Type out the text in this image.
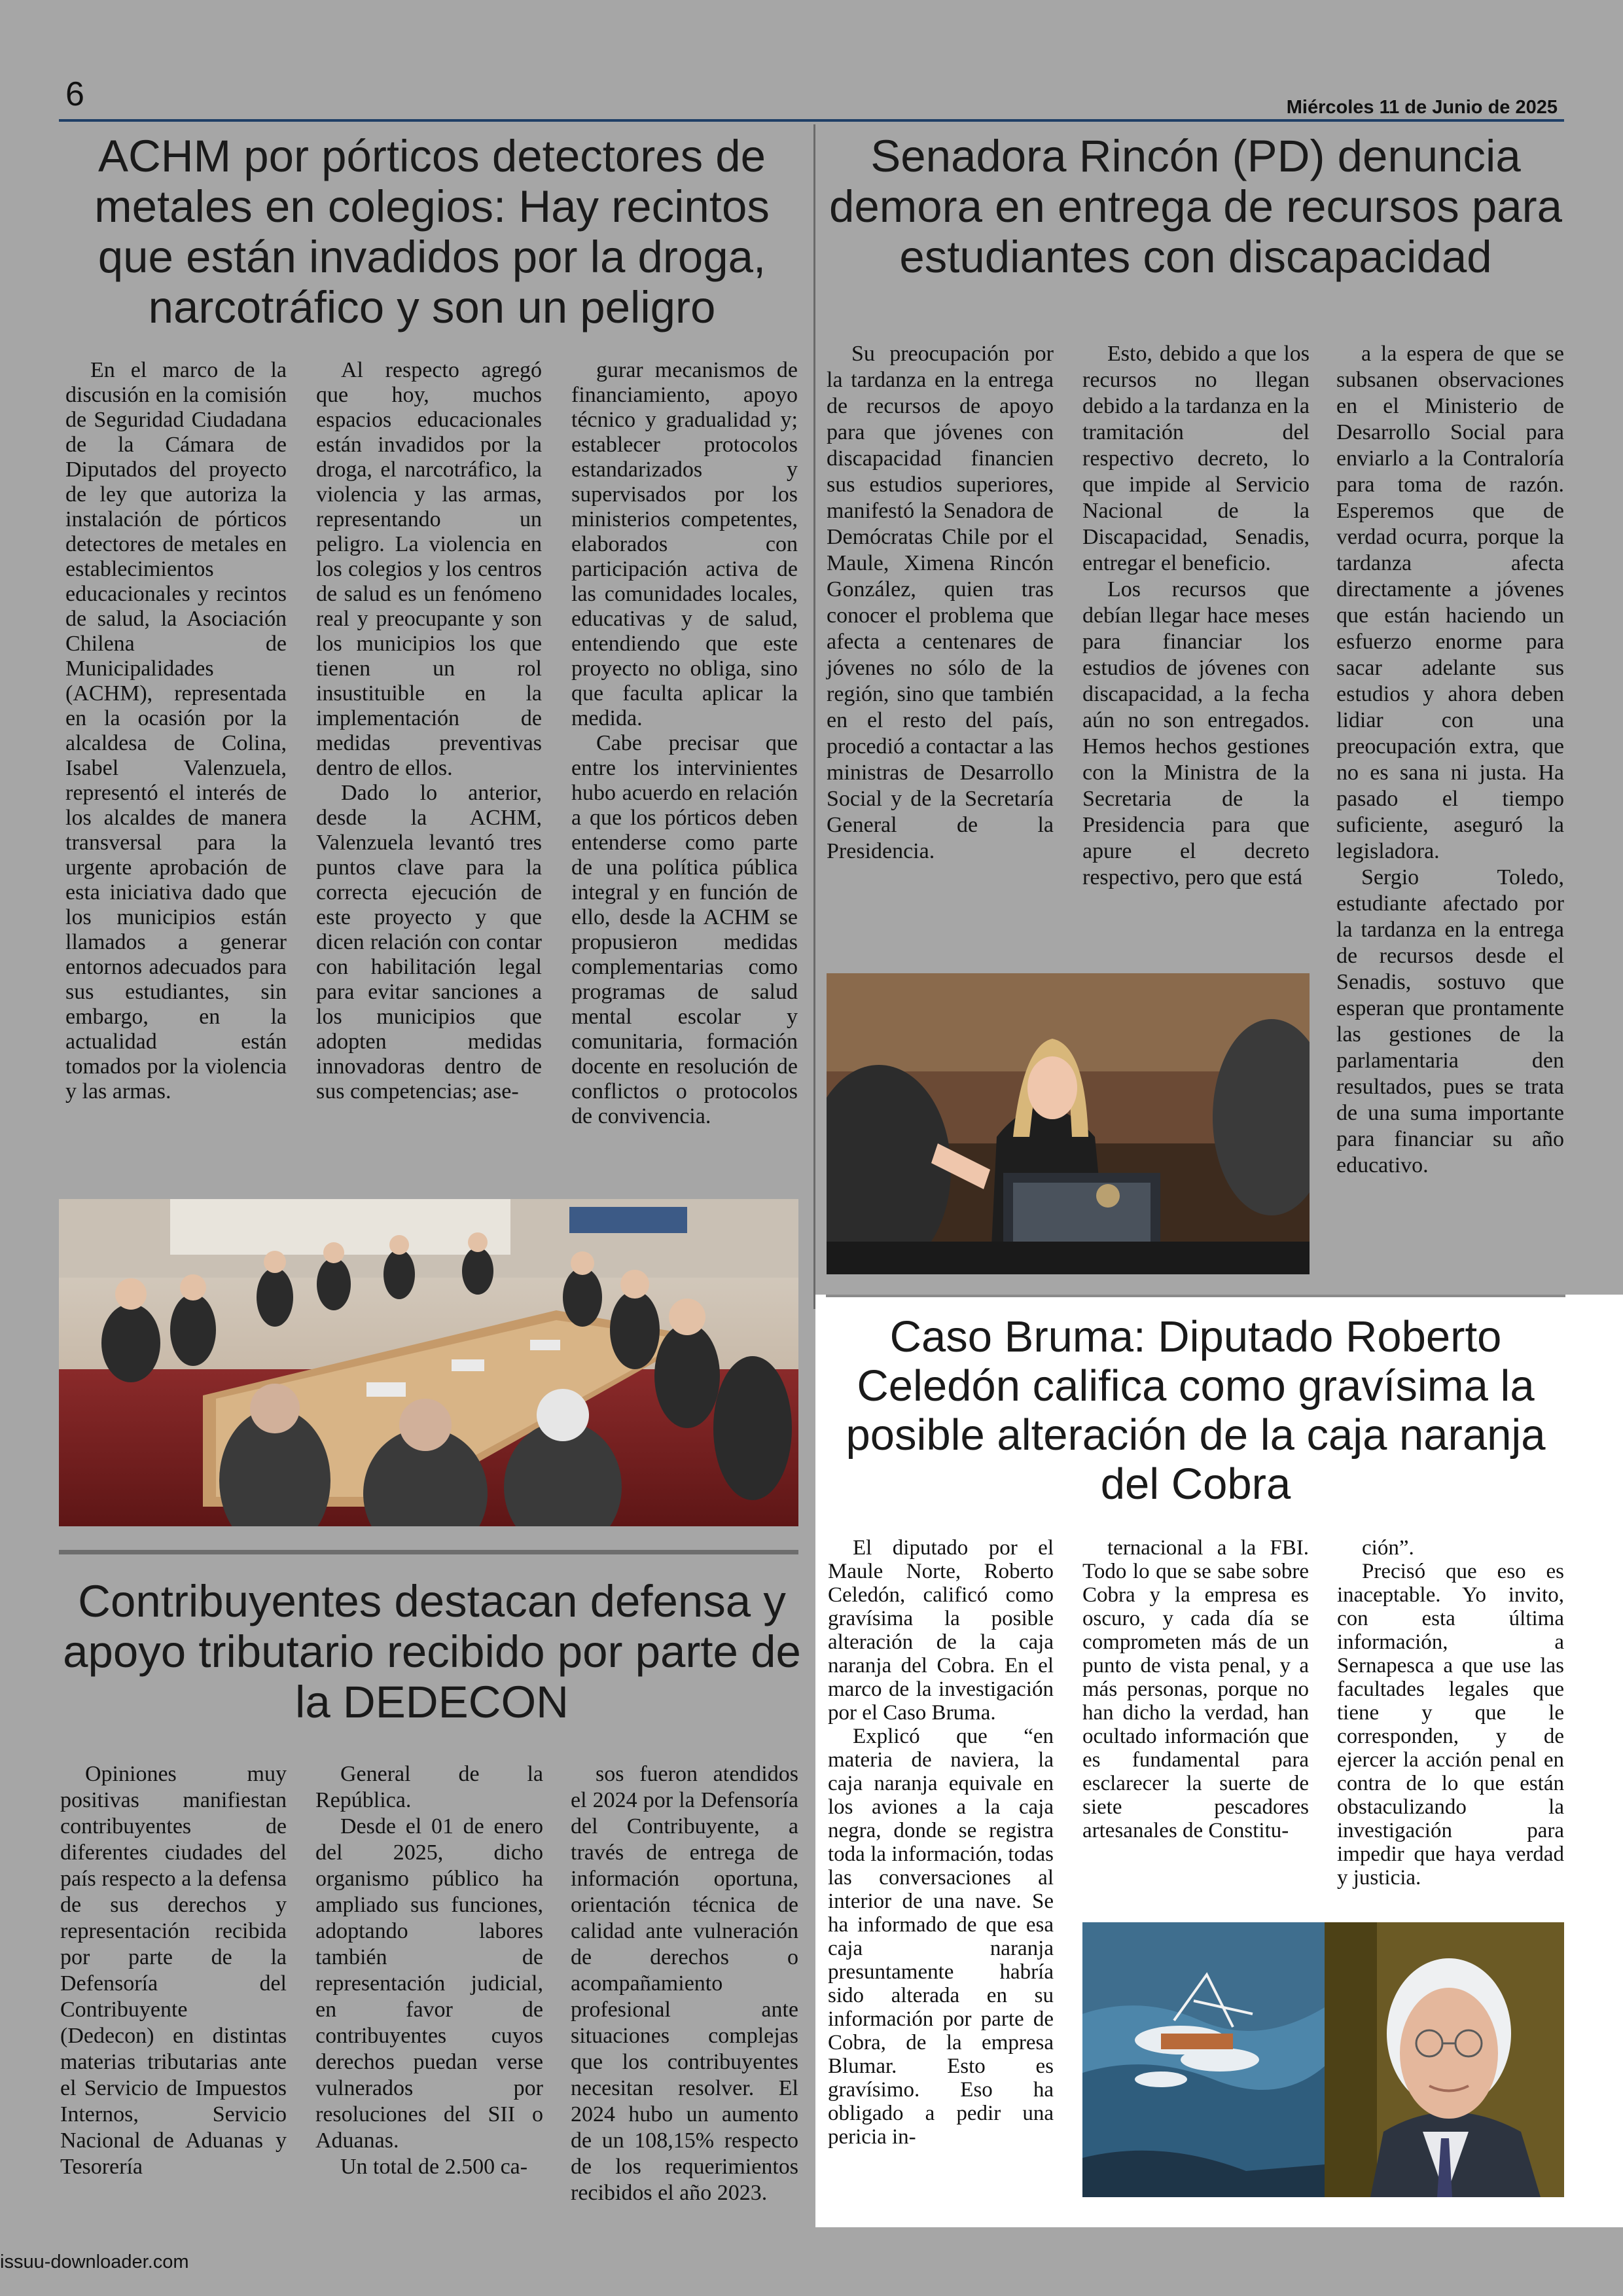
6	Miércoles 11 de Junio de 2025
ACHM por pórticos detectores de metales en colegios: Hay recintos que están invadidos por la droga, narcotráfico y son un peligro

En el marco de la discusión en la comisión de Seguridad Ciudadana de la Cámara de Diputados del proyecto de ley que autoriza la instalación de pórticos detectores de metales en establecimientos educacionales y recintos de salud, la Asociación Chilena de Municipalidades (ACHM), representada en la ocasión por la alcaldesa de Colina, Isabel Valenzuela, representó el interés de los alcaldes de manera transversal para la urgente aprobación de esta iniciativa dado que los municipios están llamados a generar entornos adecuados para sus estudiantes, sin embargo, en la actualidad están tomados por la violencia y las armas.

Al respecto agregó que hoy, muchos espacios educacionales están invadidos por la droga, el narcotráfico, la violencia y las armas, representando un peligro. La violencia en los colegios y los centros de salud es un fenómeno real y preocupante y son los municipios los que tienen un rol insustituible en la implementación de medidas preventivas dentro de ellos.

Dado lo anterior, desde la ACHM, Valenzuela levantó tres puntos clave para la correcta ejecución de este proyecto y que dicen relación con contar con habilitación legal para evitar sanciones a los municipios que adopten medidas innovadoras dentro de sus competencias; ase-

gurar mecanismos de financiamiento, apoyo técnico y gradualidad y; establecer protocolos estandarizados y supervisados por los ministerios competentes, elaborados con participación activa de las comunidades locales, educativas y de salud, entendiendo que este proyecto no obliga, sino que faculta aplicar la medida.

Cabe precisar que entre los intervinientes hubo acuerdo en relación a que los pórticos deben entenderse como parte de una política pública integral y en función de ello, desde la ACHM se propusieron medidas complementarias como programas de salud mental escolar y comunitaria, formación docente en resolución de conflictos o protocolos de convivencia.

Senadora Rincón (PD) denuncia demora en entrega de recursos para estudiantes con discapacidad

Su preocupación por la tardanza en la entrega de recursos de apoyo para que jóvenes con discapacidad financien sus estudios superiores, manifestó la Senadora de Demócratas Chile por el Maule, Ximena Rincón González, quien tras conocer el problema que afecta a centenares de jóvenes no sólo de la región, sino que también en el resto del país, procedió a contactar a las ministras de Desarrollo Social y de la Secretaría General de la Presidencia.

Esto, debido a que los recursos no llegan debido a la tardanza en la tramitación del respectivo decreto, lo que impide al Servicio Nacional de la Discapacidad, Senadis, entregar el beneficio.

Los recursos que debían llegar hace meses para financiar los estudios de jóvenes con discapacidad, a la fecha aún no son entregados. Hemos hechos gestiones con la Ministra de la Secretaria de la Presidencia para que apure el decreto respectivo, pero que está

a la espera de que se subsanen observaciones en el Ministerio de Desarrollo Social para enviarlo a la Contraloría para toma de razón. Esperemos que de verdad ocurra, porque la tardanza afecta directamente a jóvenes que están haciendo un esfuerzo enorme para sacar adelante sus estudios y ahora deben lidiar con una preocupación extra, que no es sana ni justa. Ha pasado el tiempo suficiente, aseguró la legisladora.

Sergio Toledo, estudiante afectado por la tardanza en la entrega de recursos desde el Senadis, sostuvo que esperan que prontamente las gestiones de la parlamentaria den resultados, pues se trata de una suma importante para financiar su año educativo.

Caso Bruma: Diputado Roberto Celedón califica como gravísima la posible alteración de la caja naranja del Cobra

El diputado por el Maule Norte, Roberto Celedón, calificó como gravísima la posible alteración de la caja naranja del Cobra. En el marco de la investigación por el Caso Bruma.

Explicó que “en materia de naviera, la caja naranja equivale en los aviones a la caja negra, donde se registra toda la información, todas las conversaciones al interior de una nave. Se ha informado de que esa caja naranja presuntamente habría sido alterada en su información por parte de Cobra, de la empresa Blumar. Esto es gravísimo. Eso ha obligado a pedir una pericia in-

ternacional a la FBI. Todo lo que se sabe sobre Cobra y la empresa es oscuro, y cada día se comprometen más de un punto de vista penal, y a más personas, porque no han dicho la verdad, han ocultado información que es fundamental para esclarecer la suerte de siete pescadores artesanales de Constitu-

ción”.

Precisó que eso es inaceptable. Yo invito, con esta última información, a Sernapesca a que use las facultades legales que tiene y que le corresponden, y de ejercer la acción penal en contra de lo que están obstaculizando la investigación para impedir que haya verdad y justicia.

Contribuyentes destacan defensa y apoyo tributario recibido por parte de la DEDECON

Opiniones muy positivas manifiestan contribuyentes de diferentes ciudades del país respecto a la defensa de sus derechos y representación recibida por parte de la Defensoría del Contribuyente (Dedecon) en distintas materias tributarias ante el Servicio de Impuestos Internos, Servicio Nacional de Aduanas y Tesorería

General de la República.

Desde el 01 de enero del 2025, dicho organismo público ha ampliado sus funciones, adoptando labores también de representación judicial, en favor de contribuyentes cuyos derechos puedan verse vulnerados por resoluciones del SII o Aduanas.

Un total de 2.500 ca-

sos fueron atendidos el 2024 por la Defensoría del Contribuyente, a través de entrega de información oportuna, orientación técnica de calidad ante vulneración de derechos o acompañamiento profesional ante situaciones complejas que los contribuyentes necesitan resolver. El 2024 hubo un aumento de un 108,15% respecto de los requerimientos recibidos el año 2023.

issuu-downloader.com
